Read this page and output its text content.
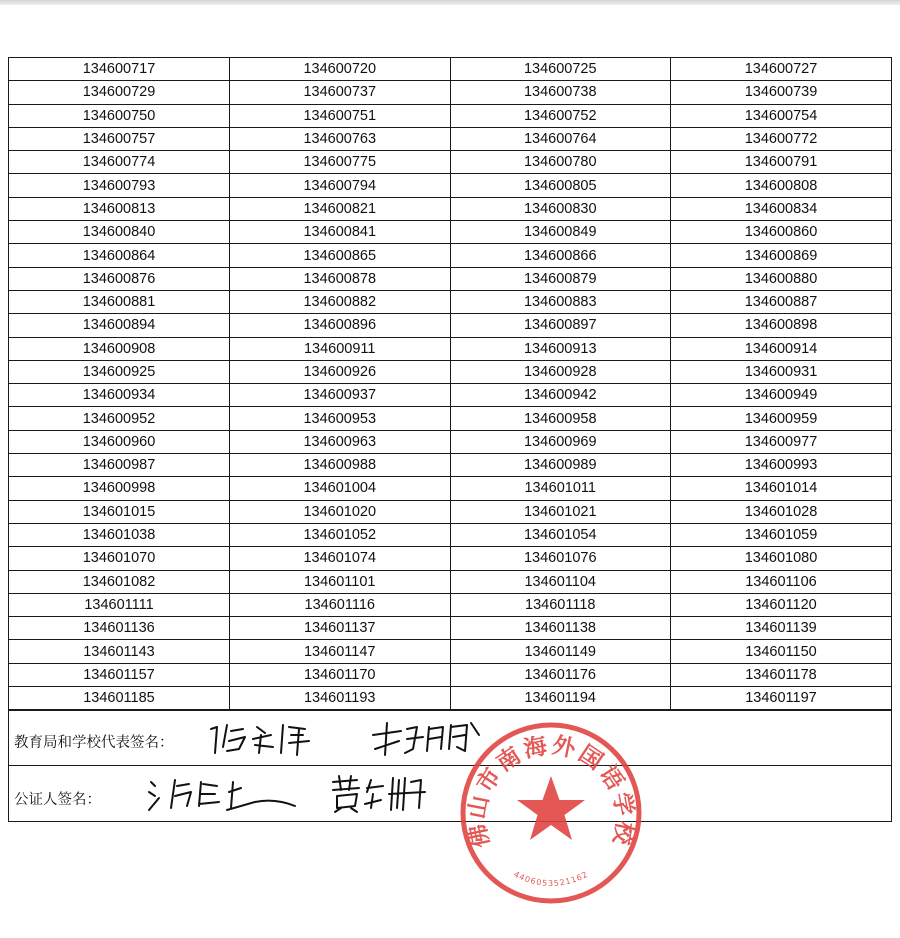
134600717	134600720	134600725	134600727
134600729	134600737	134600738	134600739
134600750	134600751	134600752	134600754
134600757	134600763	134600764	134600772
134600774	134600775	134600780	134600791
134600793	134600794	134600805	134600808
134600813	134600821	134600830	134600834
134600840	134600841	134600849	134600860
134600864	134600865	134600866	134600869
134600876	134600878	134600879	134600880
134600881	134600882	134600883	134600887
134600894	134600896	134600897	134600898
134600908	134600911	134600913	134600914
134600925	134600926	134600928	134600931
134600934	134600937	134600942	134600949
134600952	134600953	134600958	134600959
134600960	134600963	134600969	134600977
134600987	134600988	134600989	134600993
134600998	134601004	134601011	134601014
134601015	134601020	134601021	134601028
134601038	134601052	134601054	134601059
134601070	134601074	134601076	134601080
134601082	134601101	134601104	134601106
134601111	134601116	134601118	134601120
134601136	134601137	134601138	134601139
134601143	134601147	134601149	134601150
134601157	134601170	134601176	134601178
134601185	134601193	134601194	134601197
教育局和学校代表签名：
公证人签名：
佛山市南海外国语学校
4406053521162
